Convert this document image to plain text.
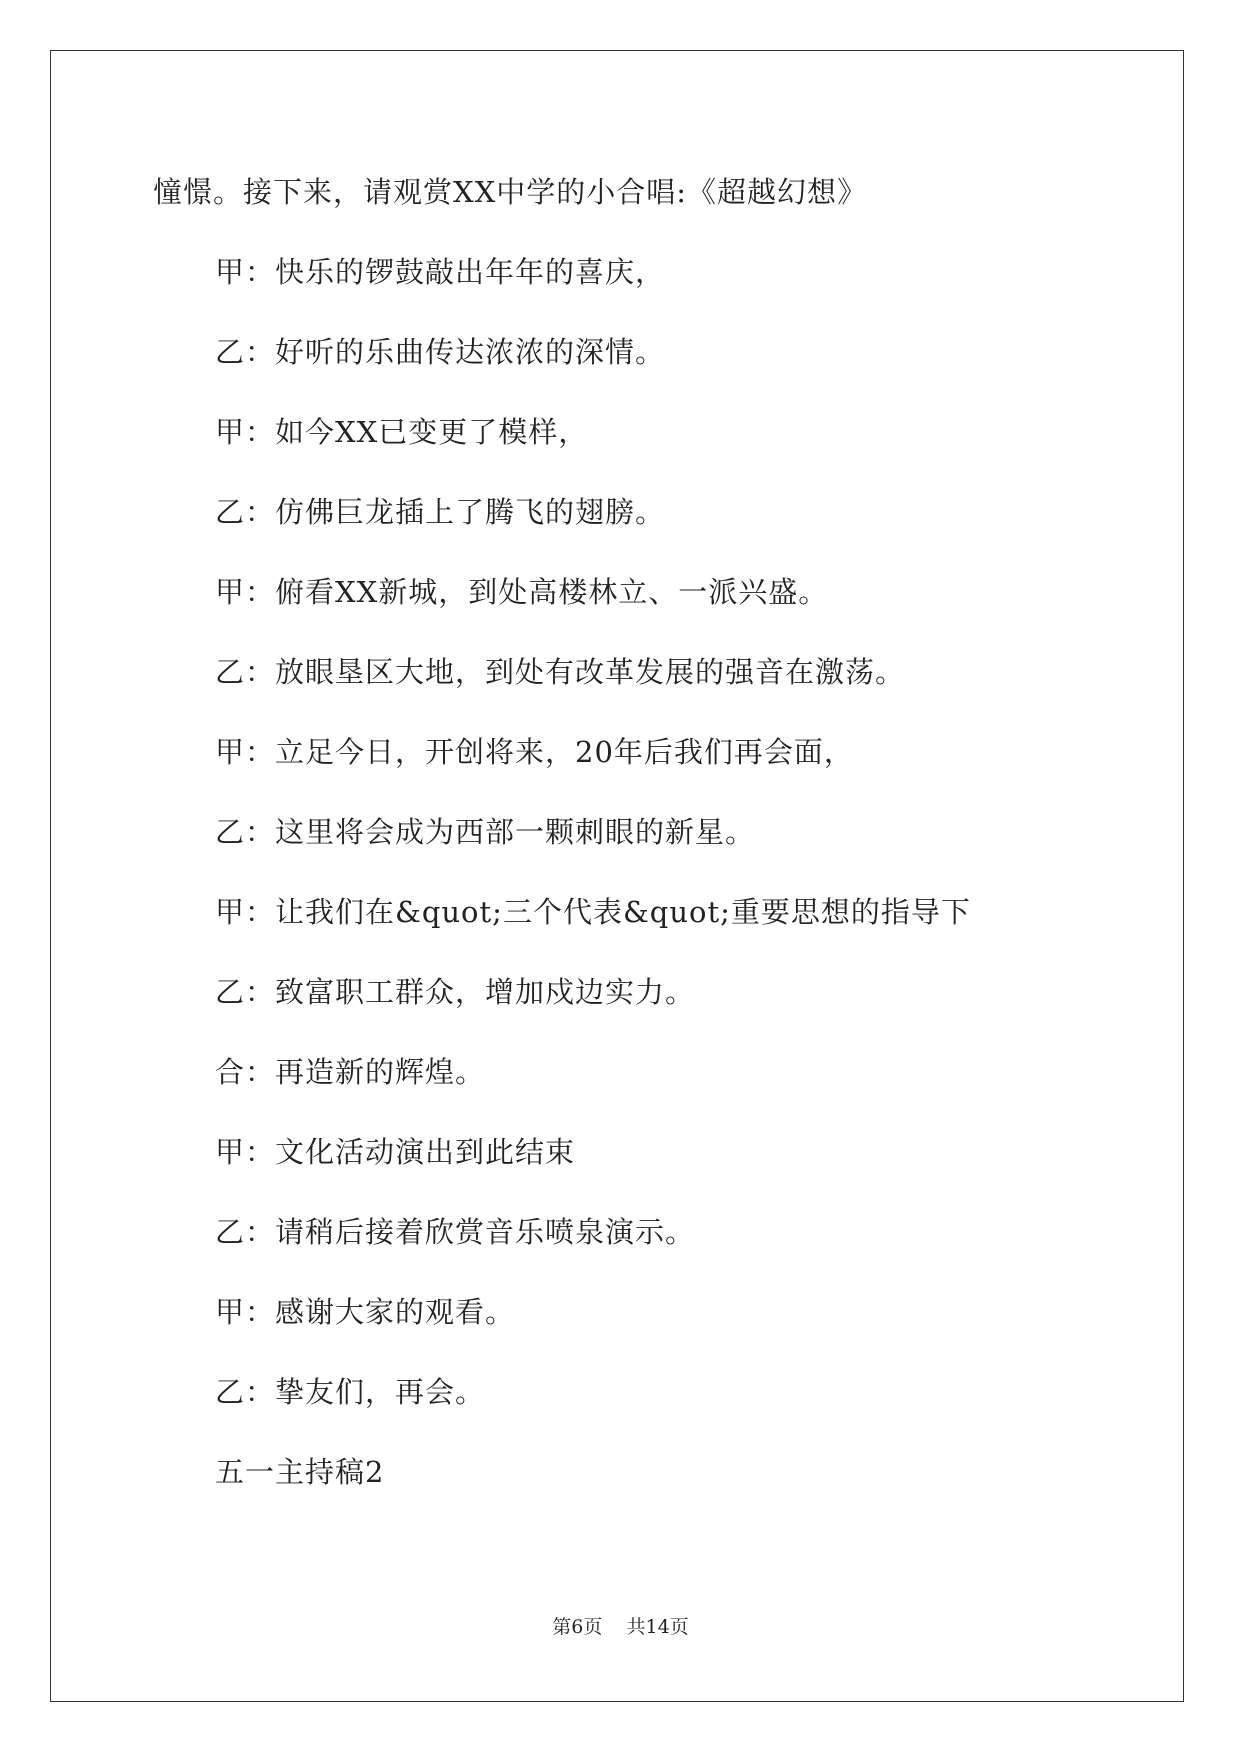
憧憬。接下来，请观赏XX中学的小合唱:《超越幻想》
甲：快乐的锣鼓敲出年年的喜庆，
乙：好听的乐曲传达浓浓的深情。
甲：如今XX已变更了模样，
乙：仿佛巨龙插上了腾飞的翅膀。
甲：俯看XX新城，到处高楼林立、一派兴盛。
乙：放眼垦区大地，到处有改革发展的强音在激荡。
甲：立足今日，开创将来，20年后我们再会面，
乙：这里将会成为西部一颗刺眼的新星。
甲：让我们在&quot;三个代表&quot;重要思想的指导下
乙：致富职工群众，增加戍边实力。
合：再造新的辉煌。
甲：文化活动演出到此结束
乙：请稍后接着欣赏音乐喷泉演示。
甲：感谢大家的观看。
乙：挚友们，再会。
五一主持稿2
第6页 共14页
